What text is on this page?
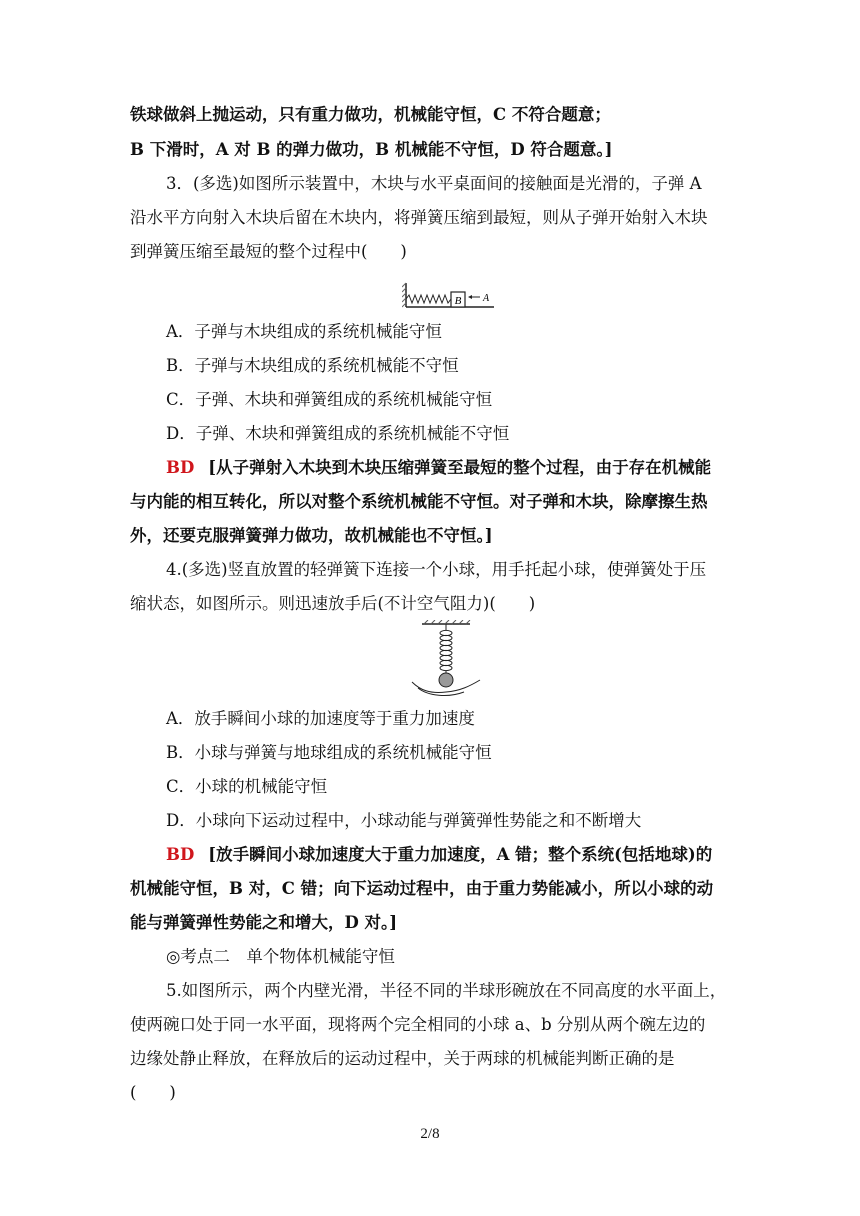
铁球做斜上抛运动，只有重力做功，机械能守恒，C 不符合题意；
B 下滑时，A 对 B 的弹力做功，B 机械能不守恒，D 符合题意。]
3．(多选)如图所示装置中，木块与水平桌面间的接触面是光滑的，子弹 A
沿水平方向射入木块后留在木块内，将弹簧压缩到最短，则从子弹开始射入木块
到弹簧压缩至最短的整个过程中(　　)
B A
A．子弹与木块组成的系统机械能守恒
B．子弹与木块组成的系统机械能不守恒
C．子弹、木块和弹簧组成的系统机械能守恒
D．子弹、木块和弹簧组成的系统机械能不守恒
BD [从子弹射入木块到木块压缩弹簧至最短的整个过程，由于存在机械能
与内能的相互转化，所以对整个系统机械能不守恒。对子弹和木块，除摩擦生热
外，还要克服弹簧弹力做功，故机械能也不守恒。]
4.(多选)竖直放置的轻弹簧下连接一个小球，用手托起小球，使弹簧处于压
缩状态，如图所示。则迅速放手后(不计空气阻力)(　　)
A．放手瞬间小球的加速度等于重力加速度
B．小球与弹簧与地球组成的系统机械能守恒
C．小球的机械能守恒
D．小球向下运动过程中，小球动能与弹簧弹性势能之和不断增大
BD [放手瞬间小球加速度大于重力加速度，A 错；整个系统(包括地球)的
机械能守恒，B 对，C 错；向下运动过程中，由于重力势能减小，所以小球的动
能与弹簧弹性势能之和增大，D 对。]
◎考点二　单个物体机械能守恒
5.如图所示，两个内壁光滑，半径不同的半球形碗放在不同高度的水平面上，
使两碗口处于同一水平面，现将两个完全相同的小球 a、b 分别从两个碗左边的
边缘处静止释放，在释放后的运动过程中，关于两球的机械能判断正确的是
(　　)
2/8
